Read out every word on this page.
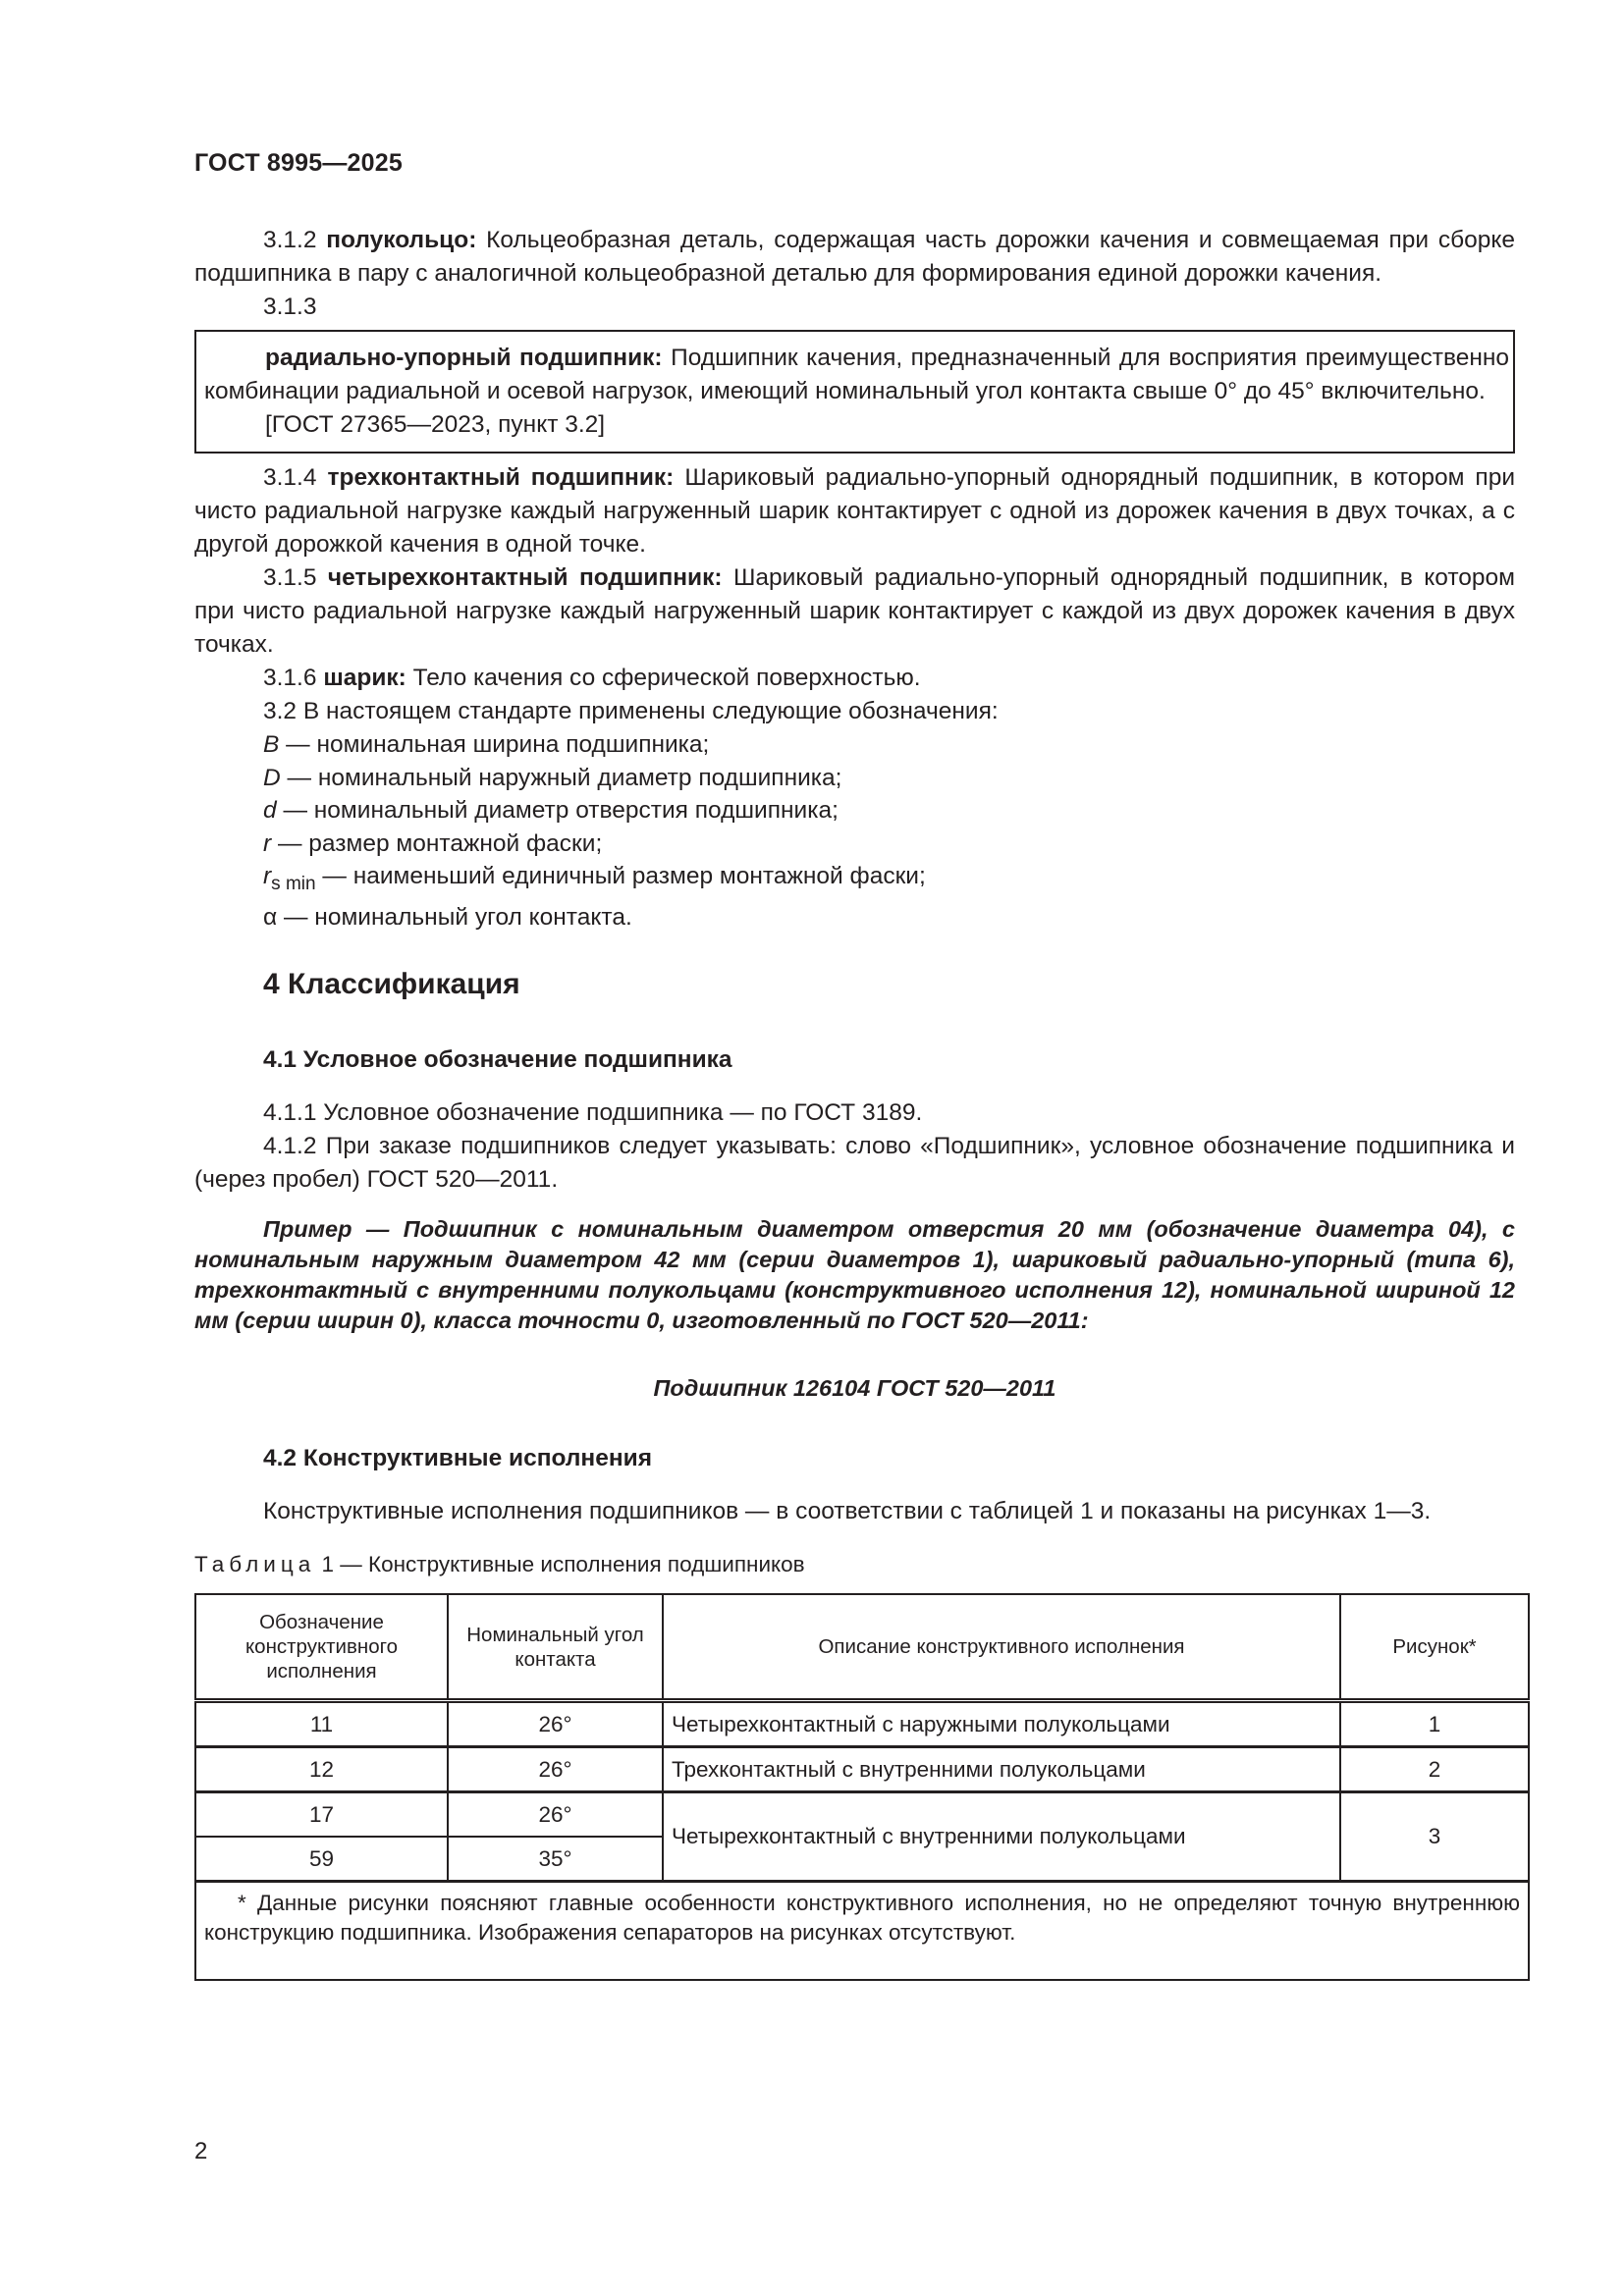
ГОСТ 8995—2025

3.1.2 полукольцо: Кольцеобразная деталь, содержащая часть дорожки качения и совмещаемая при сборке подшипника в пару с аналогичной кольцеобразной деталью для формирования единой дорожки качения.

3.1.3

радиально-упорный подшипник: Подшипник качения, предназначенный для восприятия преимущественно комбинации радиальной и осевой нагрузок, имеющий номинальный угол контакта свыше 0° до 45° включительно.

[ГОСТ 27365—2023, пункт 3.2]

3.1.4 трехконтактный подшипник: Шариковый радиально-упорный однорядный подшипник, в котором при чисто радиальной нагрузке каждый нагруженный шарик контактирует с одной из дорожек качения в двух точках, а с другой дорожкой качения в одной точке.

3.1.5 четырехконтактный подшипник: Шариковый радиально-упорный однорядный подшипник, в котором при чисто радиальной нагрузке каждый нагруженный шарик контактирует с каждой из двух дорожек качения в двух точках.

3.1.6 шарик: Тело качения со сферической поверхностью.

3.2 В настоящем стандарте применены следующие обозначения:

B — номинальная ширина подшипника;

D — номинальный наружный диаметр подшипника;

d — номинальный диаметр отверстия подшипника;

r — размер монтажной фаски;

$r_{s min}$ — наименьший единичный размер монтажной фаски;

α — номинальный угол контакта.

4 Классификация
4.1 Условное обозначение подшипника

4.1.1 Условное обозначение подшипника — по ГОСТ 3189.

4.1.2 При заказе подшипников следует указывать: слово «Подшипник», условное обозначение подшипника и (через пробел) ГОСТ 520—2011.

Пример — Подшипник с номинальным диаметром отверстия 20 мм (обозначение диаметра 04), с номинальным наружным диаметром 42 мм (серии диаметров 1), шариковый радиально-упорный (типа 6), трехконтактный с внутренними полукольцами (конструктивного исполнения 12), номинальной шириной 12 мм (серии ширин 0), класса точности 0, изготовленный по ГОСТ 520—2011:

Подшипник 126104 ГОСТ 520—2011

4.2 Конструктивные исполнения

Конструктивные исполнения подшипников — в соответствии с таблицей 1 и показаны на рисунках 1—3.

Таблица 1 — Конструктивные исполнения подшипников
Обозначение конструктивного исполнения	Номинальный угол контакта	Описание конструктивного исполнения	Рисунок*
11	26°	Четырехконтактный с наружными полукольцами	1
12	26°	Трехконтактный с внутренними полукольцами	2
17	26°	Четырехконтактный с внутренними полукольцами	3
59	35°		

* Данные рисунки поясняют главные особенности конструктивного исполнения, но не определяют точную внутреннюю конструкцию подшипника. Изображения сепараторов на рисунках отсутствуют.			
2
